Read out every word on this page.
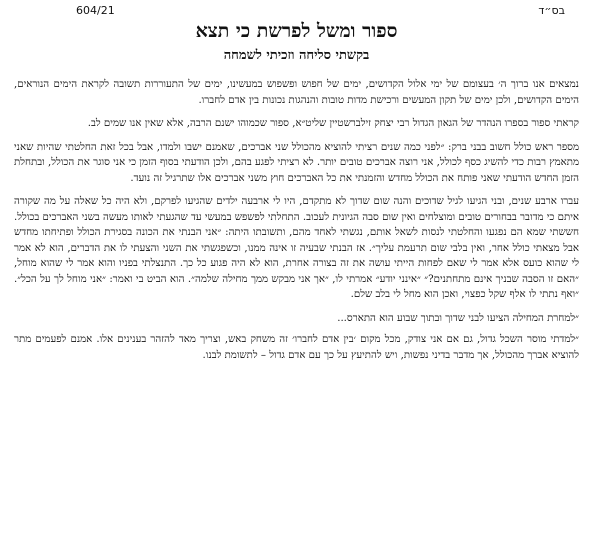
604/21	בס״ד
ספור ומשל לפרשת כי תצא
בקשתי סליחה וזכיתי לשמחה

נמצאים אנו ברוך ה׳ בעצומם של ימי אלול הקדושים, ימים של חפוש ופשפוש במעשינו, ימים של התעוררות תשובה לקראת הימים הנוראים, הימים הקדושים, ולכן ימים של תקון המעשים ורכישת מדות טובות והנהגות נכונות בין אדם לחברו.

קראתי ספור בספרו הנהדר של הגאון הגדול רבי יצחק זילברשטיין שליט״א, ספור שכמוהו ישנם הרבה, אלא שאין אנו שמים לב.

מספר ראש כולל חשוב בבני ברק: ״לפני כמה שנים רציתי להוציא מהכולל שני אברכים, שאמנם ישבו ולמדו, אבל בכל זאת החלטתי שהיות שאני מתאמץ רבות כדי להשיג כסף לכולל, אני רוצה אברכים טובים יותר. לא רציתי לפגע בהם, ולכן הודעתי בסוף הזמן כי אני סוגר את הכולל, ובתחלת הזמן החדש הודעתי שאני פותח את הכולל מחדש והזמנתי את כל האברכים חוץ משני אברכים אלו שתרגיל זה נועד.

עברו ארבע שנים, ובני הגיעו לגיל שדוכים והנה שום שדוך לא מתקדם, היו לי ארבעה ילדים שהגיעו לפרקם, ולא היה כל שאלה על מה שקורה איתם כי מדובר בבחורים טובים ומוצלחים ואין שום סבה הגיונית לעכוב. התחלתי לפשפש במעשי עד שהגעתי לאותו מעשה בשני האברכים בכולל. חששתי שמא הם נפגעו והחלטתי לנסות לשאל אותם, נגשתי לאחד מהם, ותשובתו היתה: ״אני הבנתי את הכונה בסגירת הכולל ופתיחתו מחדש אבל מצאתי כולל אחר, ואין בלבי שום תרעמת עליך״. אז הבנתי שבעיה זו אינה ממנו, וכשפגשתי את השני והצעתי לו את הדברים, הוא לא אמר לי שהוא כועס אלא אמר לי שאם לפחות הייתי עושה את זה בצורה אחרת, הוא לא היה פגוע כל כך. התנצלתי בפניו והוא אמר לי שהוא מוחל, ״האם זו הסבה שבניך אינם מתחתנים?״ ״אינני יודע״ אמרתי לו, ״אך אני מבקש ממך מחילה שלמה״. הוא הביט בי ואמר: ״אני מוחל לך על הכל״. ״ואף נתתי לו אלף שקל כפצוי, ואכן הוא מחל לי בלב שלם.

״למחרת המחילה הציעו לבני שדוך ובתוך שבוע הוא התארס...

״למדתי מוסר השכל גדול, גם אם אני צודק, מכל מקום ׳בין אדם לחברו׳ זה משחק באש, וצריך מאד להזהר בענינים אלו. אמנם לפעמים מתר להוציא אברך מהכולל, אך מדבר בדיני נפשות, ויש להתיעץ על כך עם אדם גדול – לתשומת לבנו.
